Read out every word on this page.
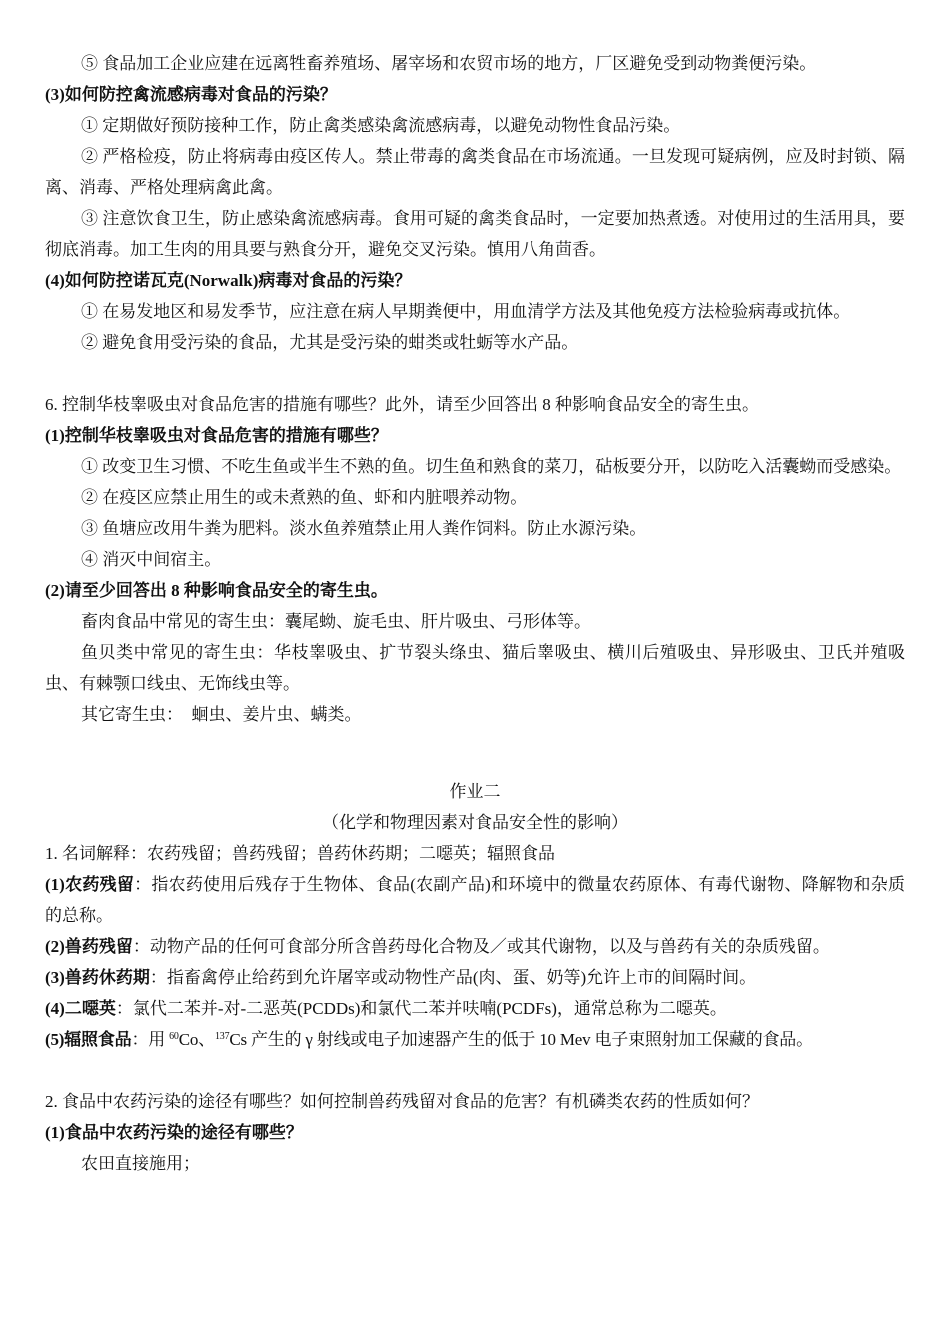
⑤ 食品加工企业应建在远离牲畜养殖场、屠宰场和农贸市场的地方，厂区避免受到动物粪便污染。
(3)如何防控禽流感病毒对食品的污染？
① 定期做好预防接种工作，防止禽类感染禽流感病毒，以避免动物性食品污染。
② 严格检疫，防止将病毒由疫区传人。禁止带毒的禽类食品在市场流通。一旦发现可疑病例，应及时封锁、隔离、消毒、严格处理病禽此禽。
③ 注意饮食卫生，防止感染禽流感病毒。食用可疑的禽类食品时，一定要加热煮透。对使用过的生活用具，要彻底消毒。加工生肉的用具要与熟食分开，避免交叉污染。慎用八角茴香。
(4)如何防控诺瓦克(Norwalk)病毒对食品的污染？
① 在易发地区和易发季节，应注意在病人早期粪便中，用血清学方法及其他免疫方法检验病毒或抗体。
② 避免食用受污染的食品，尤其是受污染的蚶类或牡蛎等水产品。
6. 控制华枝睾吸虫对食品危害的措施有哪些？此外，请至少回答出 8 种影响食品安全的寄生虫。
(1)控制华枝睾吸虫对食品危害的措施有哪些？
① 改变卫生习惯、不吃生鱼或半生不熟的鱼。切生鱼和熟食的菜刀，砧板要分开，以防吃入活囊蚴而受感染。
② 在疫区应禁止用生的或未煮熟的鱼、虾和内脏喂养动物。
③ 鱼塘应改用牛粪为肥料。淡水鱼养殖禁止用人粪作饲料。防止水源污染。
④ 消灭中间宿主。
(2)请至少回答出 8 种影响食品安全的寄生虫。
畜肉食品中常见的寄生虫：囊尾蚴、旋毛虫、肝片吸虫、弓形体等。
鱼贝类中常见的寄生虫：华枝睾吸虫、扩节裂头绦虫、猫后睾吸虫、横川后殖吸虫、异形吸虫、卫氏并殖吸虫、有棘颚口线虫、无饰线虫等。
其它寄生虫：  蛔虫、姜片虫、螨类。
作业二
（化学和物理因素对食品安全性的影响）
1. 名词解释：农药残留；兽药残留；兽药休药期；二噁英；辐照食品
(1)农药残留：指农药使用后残存于生物体、食品(农副产品)和环境中的微量农药原体、有毒代谢物、降解物和杂质的总称。
(2)兽药残留：动物产品的任何可食部分所含兽药母化合物及／或其代谢物，以及与兽药有关的杂质残留。
(3)兽药休药期：指畜禽停止给药到允许屠宰或动物性产品(肉、蛋、奶等)允许上市的间隔时间。
(4)二噁英：氯代二苯并-对-二恶英(PCDDs)和氯代二苯并呋喃(PCDFs)，通常总称为二噁英。
(5)辐照食品：用 $^{60}$Co、$^{137}$Cs 产生的 γ 射线或电子加速器产生的低于 10 Mev 电子束照射加工保藏的食品。
2. 食品中农药污染的途径有哪些？如何控制兽药残留对食品的危害？有机磷类农药的性质如何？
(1)食品中农药污染的途径有哪些？
农田直接施用；
